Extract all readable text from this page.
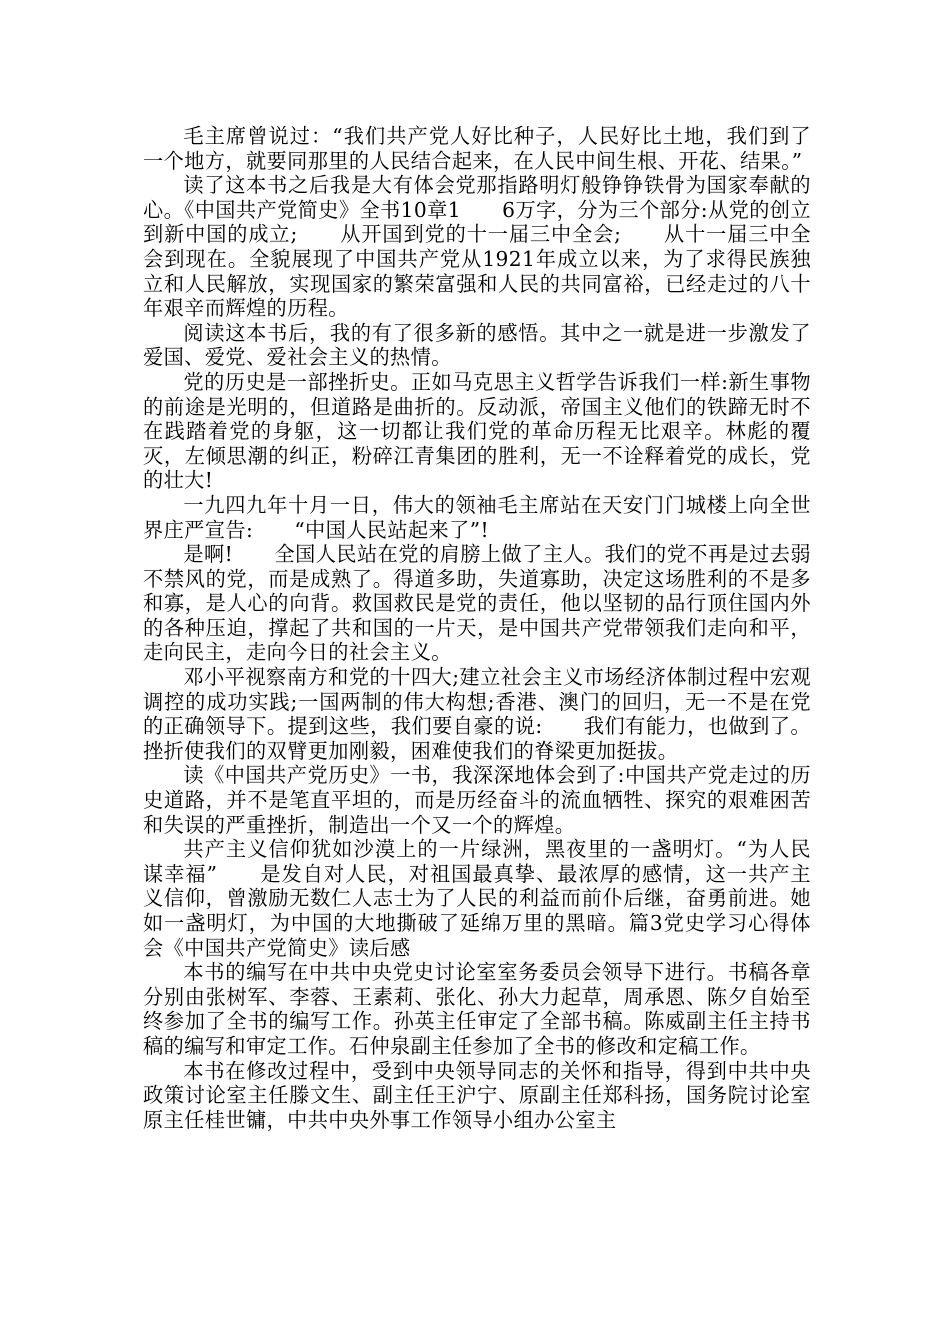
毛主席曾说过：“我们共产党人好比种子，人民好比土地，我们到了一个地方，就要同那里的人民结合起来，在人民中间生根、开花、结果。”

读了这本书之后我是大有体会党那指路明灯般铮铮铁骨为国家奉献的心。《中国共产党简史》全书10章1　　6万字，分为三个部分:从党的创立到新中国的成立;　　从开国到党的十一届三中全会;　　从十一届三中全会到现在。全貌展现了中国共产党从1921年成立以来，为了求得民族独立和人民解放，实现国家的繁荣富强和人民的共同富裕，已经走过的八十年艰辛而辉煌的历程。

阅读这本书后，我的有了很多新的感悟。其中之一就是进一步激发了爱国、爱党、爱社会主义的热情。

党的历史是一部挫折史。正如马克思主义哲学告诉我们一样:新生事物的前途是光明的，但道路是曲折的。反动派，帝国主义他们的铁蹄无时不在践踏着党的身躯，这一切都让我们党的革命历程无比艰辛。林彪的覆灭，左倾思潮的纠正，粉碎江青集团的胜利，无一不诠释着党的成长，党的壮大!

一九四九年十月一日，伟大的领袖毛主席站在天安门门城楼上向全世界庄严宣告:　　“中国人民站起来了”!

是啊!　　全国人民站在党的肩膀上做了主人。我们的党不再是过去弱不禁风的党，而是成熟了。得道多助，失道寡助，决定这场胜利的不是多和寡，是人心的向背。救国救民是党的责任，他以坚韧的品行顶住国内外的各种压迫，撑起了共和国的一片天，是中国共产党带领我们走向和平，走向民主，走向今日的社会主义。

邓小平视察南方和党的十四大;建立社会主义市场经济体制过程中宏观调控的成功实践;一国两制的伟大构想;香港、澳门的回归，无一不是在党的正确领导下。提到这些，我们要自豪的说:　　我们有能力，也做到了。挫折使我们的双臂更加刚毅，困难使我们的脊梁更加挺拔。

读《中国共产党历史》一书，我深深地体会到了:中国共产党走过的历史道路，并不是笔直平坦的，而是历经奋斗的流血牺牲、探究的艰难困苦和失误的严重挫折，制造出一个又一个的辉煌。

共产主义信仰犹如沙漠上的一片绿洲，黑夜里的一盏明灯。“为人民谋幸福”　　是发自对人民，对祖国最真挚、最浓厚的感情，这一共产主义信仰，曾激励无数仁人志士为了人民的利益而前仆后继，奋勇前进。她如一盏明灯，为中国的大地撕破了延绵万里的黑暗。篇3党史学习心得体会《中国共产党简史》读后感

本书的编写在中共中央党史讨论室室务委员会领导下进行。书稿各章分别由张树军、李蓉、王素莉、张化、孙大力起草，周承恩、陈夕自始至终参加了全书的编写工作。孙英主任审定了全部书稿。陈威副主任主持书稿的编写和审定工作。石仲泉副主任参加了全书的修改和定稿工作。

本书在修改过程中，受到中央领导同志的关怀和指导，得到中共中央政策讨论室主任滕文生、副主任王沪宁、原副主任郑科扬，国务院讨论室原主任桂世镛，中共中央外事工作领导小组办公室主
